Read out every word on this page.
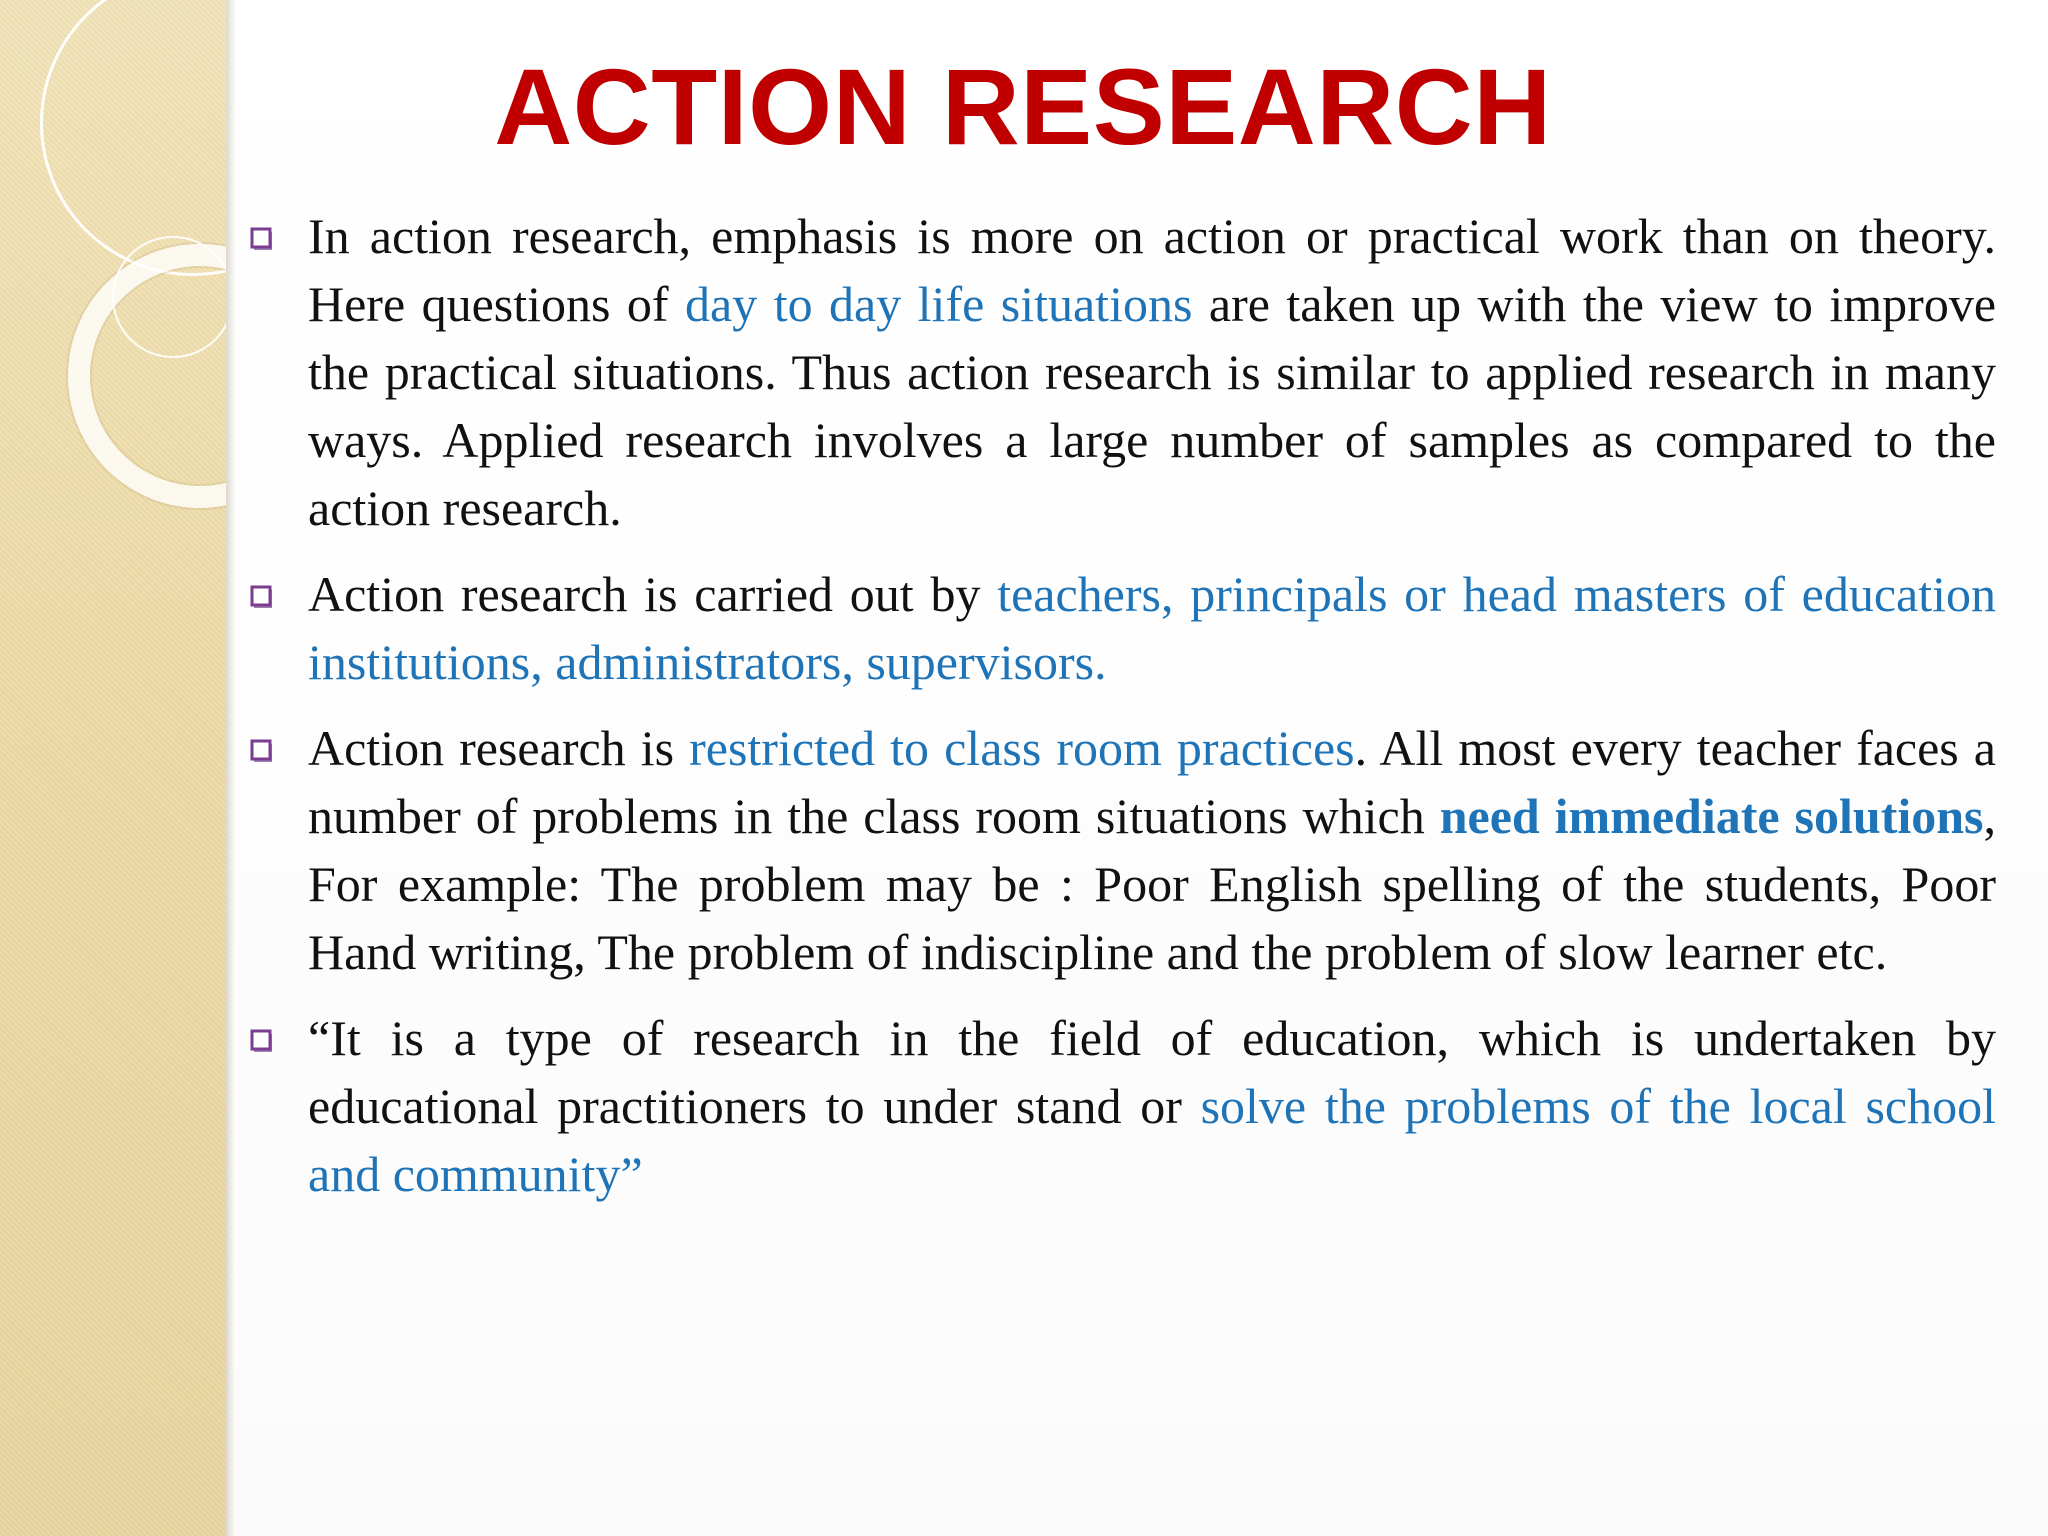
ACTION RESEARCH
In action research, emphasis is more on action or practical work than on theory. Here questions of day to day life situations are taken up with the view to improve the practical situations. Thus action research is similar to applied research in many ways. Applied research involves a large number of samples as compared to the action research.
Action research is carried out by teachers, principals or head masters of education institutions, administrators, supervisors.
Action research is restricted to class room practices. All most every teacher faces a number of problems in the class room situations which need immediate solutions, For example: The problem may be : Poor English spelling of the students, Poor Hand writing, The problem of indiscipline and the problem of slow learner etc.
“It is a type of research in the field of education, which is undertaken by educational practitioners to under stand or solve the problems of the local school and community”
